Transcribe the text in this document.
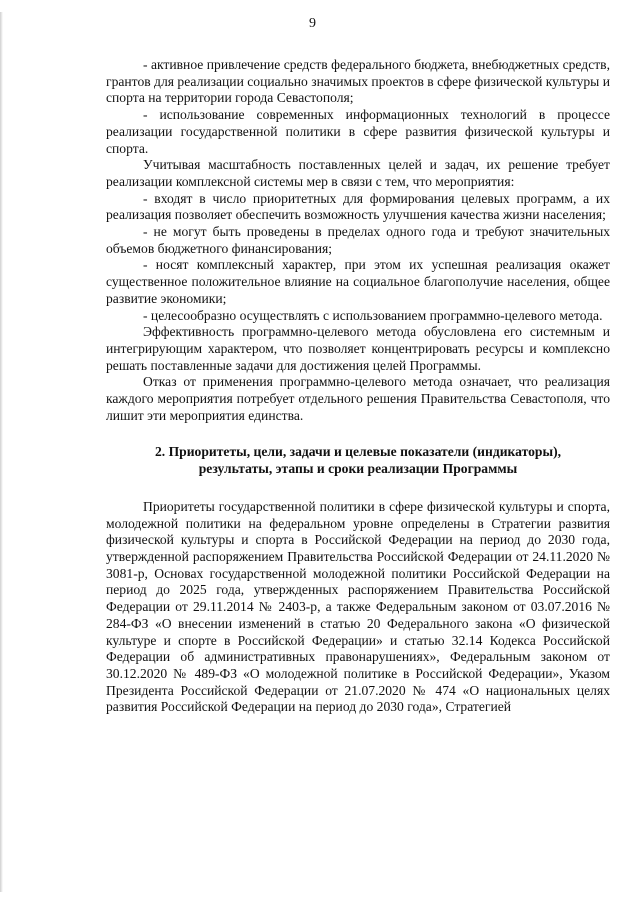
9

- активное привлечение средств федерального бюджета, внебюджетных средств, грантов для реализации социально значимых проектов в сфере физической культуры и спорта на территории города Севастополя;

- использование современных информационных технологий в процессе реализации государственной политики в сфере развития физической культуры и спорта.

Учитывая масштабность поставленных целей и задач, их решение требует реализации комплексной системы мер в связи с тем, что мероприятия:

- входят в число приоритетных для формирования целевых программ, а их реализация позволяет обеспечить возможность улучшения качества жизни населения;

- не могут быть проведены в пределах одного года и требуют значительных объемов бюджетного финансирования;

- носят комплексный характер, при этом их успешная реализация окажет существенное положительное влияние на социальное благополучие населения, общее развитие экономики;

- целесообразно осуществлять с использованием программно-целевого метода.

Эффективность программно-целевого метода обусловлена его системным и интегрирующим характером, что позволяет концентрировать ресурсы и комплексно решать поставленные задачи для достижения целей Программы.

Отказ от применения программно-целевого метода означает, что реализация каждого мероприятия потребует отдельного решения Правительства Севастополя, что лишит эти мероприятия единства.

2. Приоритеты, цели, задачи и целевые показатели (индикаторы),
результаты, этапы и сроки реализации Программы

Приоритеты государственной политики в сфере физической культуры и спорта, молодежной политики на федеральном уровне определены в Стратегии развития физической культуры и спорта в Российской Федерации на период до 2030 года, утвержденной распоряжением Правительства Российской Федерации от 24.11.2020 № 3081-р, Основах государственной молодежной политики Российской Федерации на период до 2025 года, утвержденных распоряжением Правительства Российской Федерации от 29.11.2014 № 2403-р, а также Федеральным законом от 03.07.2016 № 284-ФЗ «О внесении изменений в статью 20 Федерального закона «О физической культуре и спорте в Российской Федерации» и статью 32.14 Кодекса Российской Федерации об административных правонарушениях», Федеральным законом от 30.12.2020 № 489-ФЗ «О молодежной политике в Российской Федерации», Указом Президента Российской Федерации от 21.07.2020 № 474 «О национальных целях развития Российской Федерации на период до 2030 года», Стратегией
